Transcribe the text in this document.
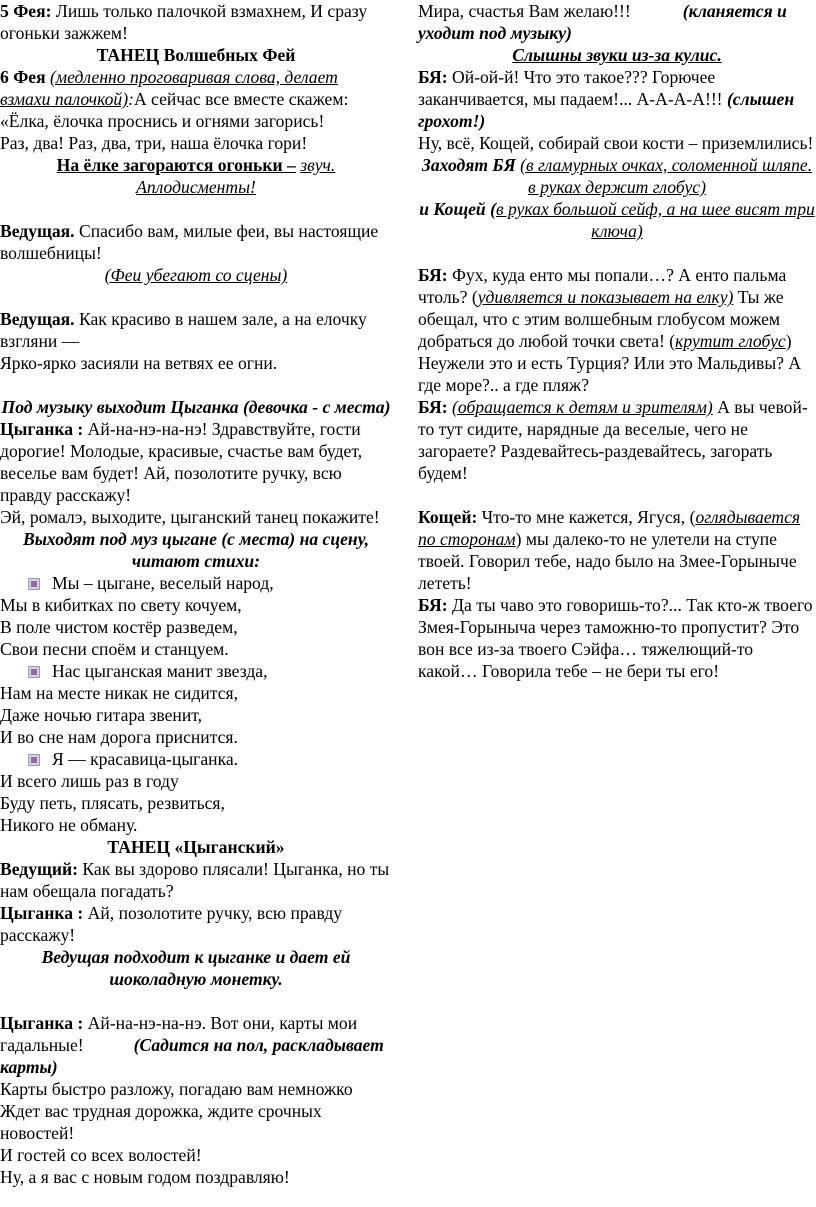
5 Фея: Лишь только палочкой взмахнем, И сразу огоньки зажжем!

ТАНЕЦ Волшебных Фей

6 Фея (медленно проговаривая слова, делает взмахи палочкой):А сейчас все вместе скажем: «Ёлка, ёлочка проснись и огнями загорись!

Раз, два! Раз, два, три, наша ёлочка гори!

На ёлке загораются огоньки – звуч. Аплодисменты!

Ведущая. Спасибо вам, милые феи, вы настоящие волшебницы!

(Феи убегают со сцены)

Ведущая. Как красиво в нашем зале, а на елочку взгляни —

Ярко-ярко засияли на ветвях ее огни.

Под музыку выходит Цыганка (девочка - с места)

Цыганка : Ай-на-нэ-на-нэ! Здравствуйте, гости дорогие! Молодые, красивые, счастье вам будет, веселье вам будет! Ай, позолотите ручку, всю правду расскажу!

Эй, ромалэ, выходите, цыганский танец покажите!

Выходят под муз цыгане (с места) на сцену, читают стихи:

Мы – цыгане, веселый народ,

Мы в кибитках по свету кочуем,

В поле чистом костёр разведем,

Свои песни споём и станцуем.

Нас цыганская манит звезда,

Нам на месте никак не сидится,

Даже ночью гитара звенит,

И во сне нам дорога приснится.

Я — красавица-цыганка.

И всего лишь раз в году

Буду петь, плясать, резвиться,

Никого не обману.

ТАНЕЦ «Цыганский»

Ведущий: Как вы здорово плясали! Цыганка, но ты нам обещала погадать?

Цыганка : Ай, позолотите ручку, всю правду расскажу!

Ведущая подходит к цыганке и дает ей шоколадную монетку.

Цыганка : Ай-на-нэ-на-нэ. Вот они, карты мои гадальные!	(Садится на пол, раскладывает карты)

Карты быстро разложу, погадаю вам немножко

Ждет вас трудная дорожка, ждите срочных новостей!

И гостей со всех волостей!

Ну, а я вас с новым годом поздравляю!

Мира, счастья Вам желаю!!!	(кланяется и уходит под музыку)

Слышны звуки из-за кулис.

БЯ: Ой-ой-й! Что это такое??? Горючее заканчивается, мы падаем!... А-А-А-А!!! (слышен грохот!)

Ну, всё, Кощей, собирай свои кости – приземлились!

Заходят БЯ (в гламурных очках, соломенной шляпе. в руках держит глобус)

и Кощей (в руках большой сейф, а на шее висят три ключа)

БЯ: Фух, куда енто мы попали…? А енто пальма чтоль? (удивляется и показывает на елку) Ты же обещал, что с этим волшебным глобусом можем добраться до любой точки света! (крутит глобус)

Неужели это и есть Турция? Или это Мальдивы? А где море?.. а где пляж?

БЯ: (обращается к детям и зрителям) А вы чевой-то тут сидите, нарядные да веселые, чего не загораете? Раздевайтесь-раздевайтесь, загорать будем!

Кощей: Что-то мне кажется, Ягуся, (оглядывается по сторонам) мы далеко-то не улетели на ступе твоей. Говорил тебе, надо было на Змее-Горыныче лететь!

БЯ: Да ты чаво это говоришь-то?... Так кто-ж твоего Змея-Горыныча через таможню-то пропустит? Это вон все из-за твоего Сэйфа… тяжелющий-то какой… Говорила тебе – не бери ты его!
